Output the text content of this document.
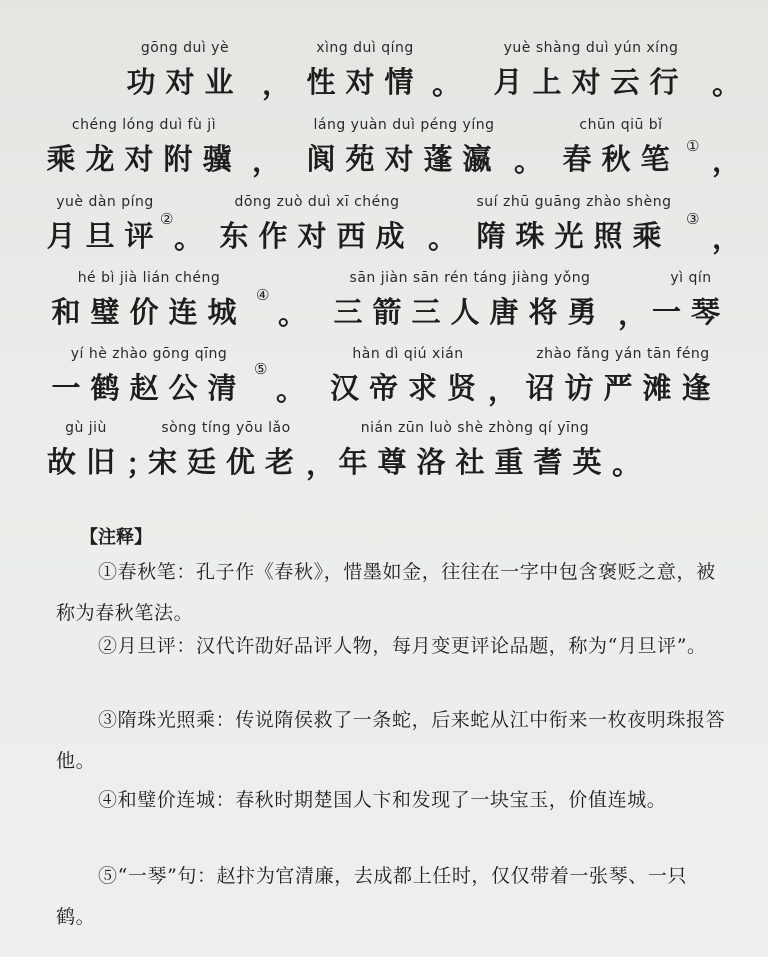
gōng duì yè
功对业 ，
xìng duì qíng
性对情 。
yuè shàng duì yún xíng
月上对云行 。
chéng lóng duì fù jì
乘龙对附骥 ，
láng yuàn duì péng yíng
阆苑对蓬瀛 。
chūn qiū bǐ
春秋笔 ① ，
yuè dàn píng
月旦评
②
。
dōng zuò duì xī chéng
东作对西成 。
suí zhū guāng zhào shèng
隋珠光照乘 ③
，
hé bì jià lián chéng
和璧价连城 ④
。
sān jiàn sān rén táng jiàng yǒng
三箭三人唐将勇 ，
yì qín
一琴
yí hè zhào gōng qīng
一鹤赵公清
⑤
。
hàn dì qiú xián
汉帝求贤 ，
zhào fǎng yán tān féng
诏访严滩逢
gù jiù
故旧 ；
sòng tíng yōu lǎo
宋廷优老 ，
nián zūn luò shè zhòng qí yīng
年尊洛社重耆英 。
【注释】
①春秋笔：孔子作《春秋》，惜墨如金，往往在一字中包含褒贬之意，被称为春秋笔法。
②月旦评：汉代许劭好品评人物，每月变更评论品题，称为“月旦评”。
③隋珠光照乘：传说隋侯救了一条蛇，后来蛇从江中衔来一枚夜明珠报答他。
④和璧价连城：春秋时期楚国人卞和发现了一块宝玉，价值连城。
⑤“一琴”句：赵抃为官清廉，去成都上任时，仅仅带着一张琴、一只鹤。
